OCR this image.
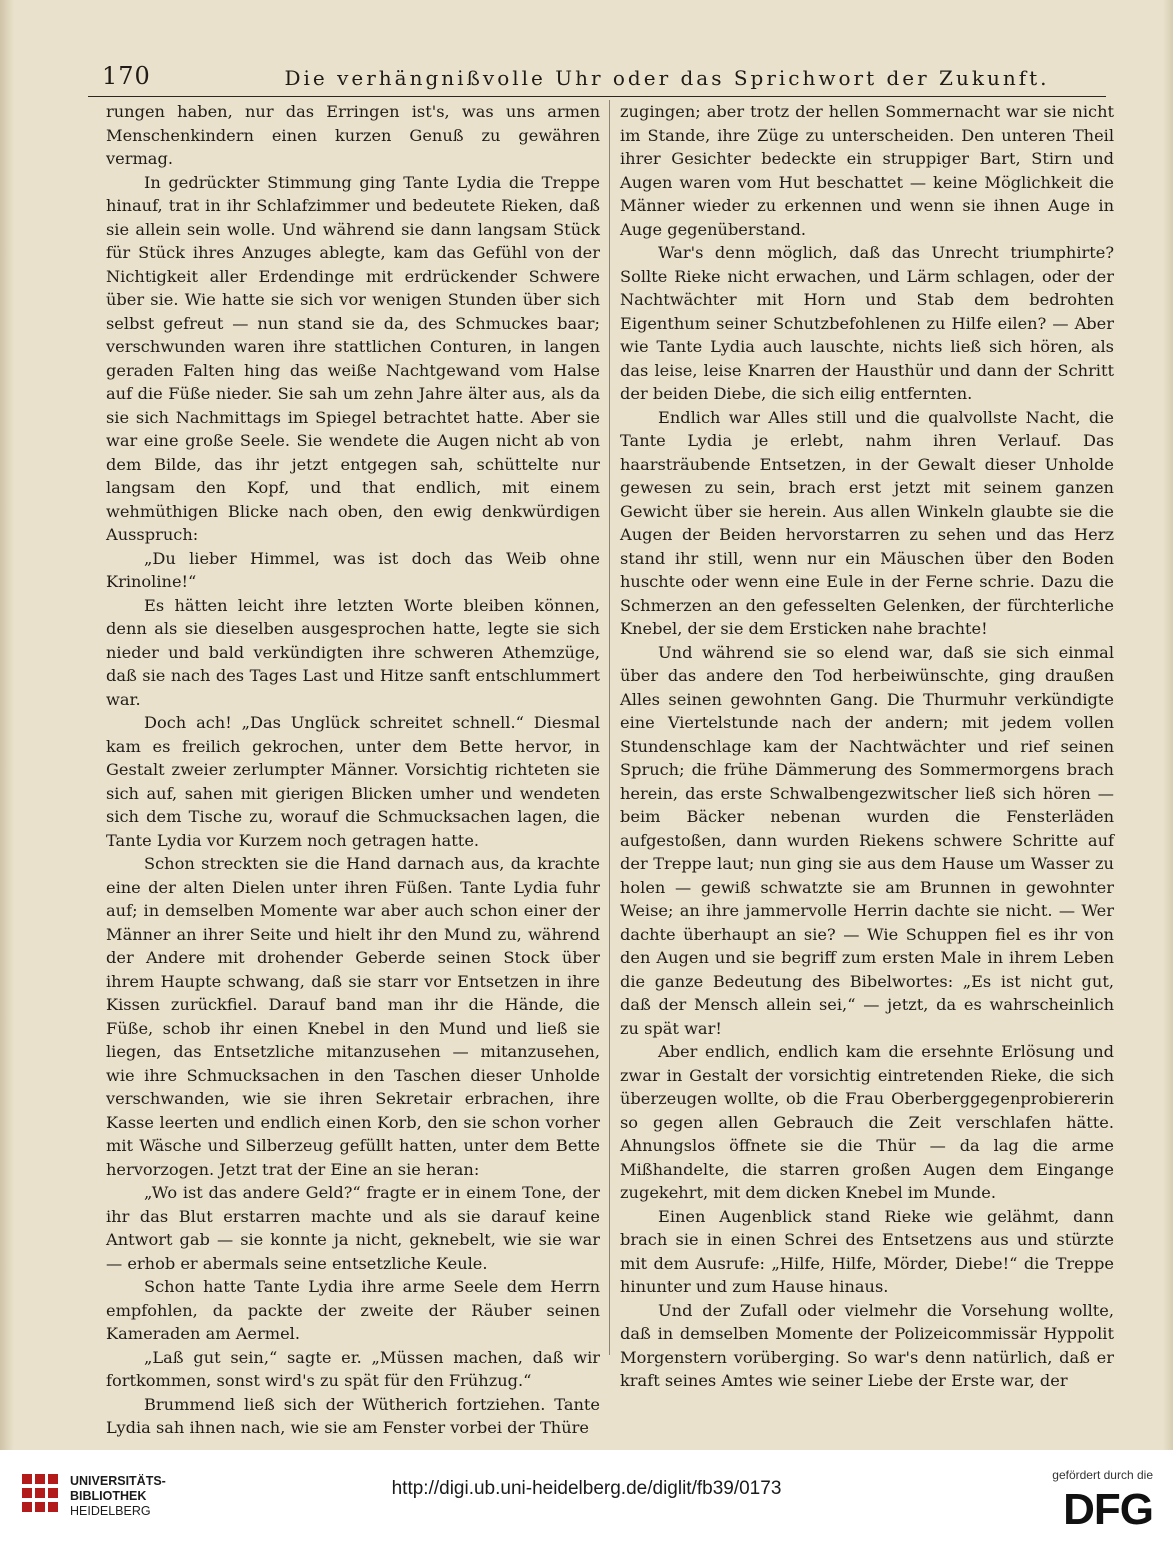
170	Die verhängnißvolle Uhr oder das Sprichwort der Zukunft.

rungen haben, nur das Erringen ist's, was uns armen Menschenkindern einen kurzen Genuß zu gewähren vermag.

In gedrückter Stimmung ging Tante Lydia die Treppe hinauf, trat in ihr Schlafzimmer und bedeutete Rieken, daß sie allein sein wolle. Und während sie dann langsam Stück für Stück ihres Anzuges ablegte, kam das Gefühl von der Nichtigkeit aller Erdendinge mit erdrückender Schwere über sie. Wie hatte sie sich vor wenigen Stunden über sich selbst gefreut — nun stand sie da, des Schmuckes baar; verschwunden waren ihre stattlichen Conturen, in langen geraden Falten hing das weiße Nachtgewand vom Halse auf die Füße nieder. Sie sah um zehn Jahre älter aus, als da sie sich Nachmittags im Spiegel betrachtet hatte. Aber sie war eine große Seele. Sie wendete die Augen nicht ab von dem Bilde, das ihr jetzt entgegen sah, schüttelte nur langsam den Kopf, und that endlich, mit einem wehmüthigen Blicke nach oben, den ewig denkwürdigen Ausspruch:

„Du lieber Himmel, was ist doch das Weib ohne Krinoline!“

Es hätten leicht ihre letzten Worte bleiben können, denn als sie dieselben ausgesprochen hatte, legte sie sich nieder und bald verkündigten ihre schweren Athemzüge, daß sie nach des Tages Last und Hitze sanft entschlummert war.

Doch ach! „Das Unglück schreitet schnell.“ Diesmal kam es freilich gekrochen, unter dem Bette hervor, in Gestalt zweier zerlumpter Männer. Vorsichtig richteten sie sich auf, sahen mit gierigen Blicken umher und wendeten sich dem Tische zu, worauf die Schmucksachen lagen, die Tante Lydia vor Kurzem noch getragen hatte.

Schon streckten sie die Hand darnach aus, da krachte eine der alten Dielen unter ihren Füßen. Tante Lydia fuhr auf; in demselben Momente war aber auch schon einer der Männer an ihrer Seite und hielt ihr den Mund zu, während der Andere mit drohender Geberde seinen Stock über ihrem Haupte schwang, daß sie starr vor Entsetzen in ihre Kissen zurückfiel. Darauf band man ihr die Hände, die Füße, schob ihr einen Knebel in den Mund und ließ sie liegen, das Entsetzliche mitanzusehen — mitanzusehen, wie ihre Schmucksachen in den Taschen dieser Unholde verschwanden, wie sie ihren Sekretair erbrachen, ihre Kasse leerten und endlich einen Korb, den sie schon vorher mit Wäsche und Silberzeug gefüllt hatten, unter dem Bette hervorzogen. Jetzt trat der Eine an sie heran:

„Wo ist das andere Geld?“ fragte er in einem Tone, der ihr das Blut erstarren machte und als sie darauf keine Antwort gab — sie konnte ja nicht, geknebelt, wie sie war — erhob er abermals seine entsetzliche Keule.

Schon hatte Tante Lydia ihre arme Seele dem Herrn empfohlen, da packte der zweite der Räuber seinen Kameraden am Aermel.

„Laß gut sein,“ sagte er. „Müssen machen, daß wir fortkommen, sonst wird's zu spät für den Frühzug.“

Brummend ließ sich der Wütherich fortziehen. Tante Lydia sah ihnen nach, wie sie am Fenster vorbei der Thüre

zugingen; aber trotz der hellen Sommernacht war sie nicht im Stande, ihre Züge zu unterscheiden. Den unteren Theil ihrer Gesichter bedeckte ein struppiger Bart, Stirn und Augen waren vom Hut beschattet — keine Möglichkeit die Männer wieder zu erkennen und wenn sie ihnen Auge in Auge gegenüberstand.

War's denn möglich, daß das Unrecht triumphirte? Sollte Rieke nicht erwachen, und Lärm schlagen, oder der Nachtwächter mit Horn und Stab dem bedrohten Eigenthum seiner Schutzbefohlenen zu Hilfe eilen? — Aber wie Tante Lydia auch lauschte, nichts ließ sich hören, als das leise, leise Knarren der Hausthür und dann der Schritt der beiden Diebe, die sich eilig entfernten.

Endlich war Alles still und die qualvollste Nacht, die Tante Lydia je erlebt, nahm ihren Verlauf. Das haarsträubende Entsetzen, in der Gewalt dieser Unholde gewesen zu sein, brach erst jetzt mit seinem ganzen Gewicht über sie herein. Aus allen Winkeln glaubte sie die Augen der Beiden hervorstarren zu sehen und das Herz stand ihr still, wenn nur ein Mäuschen über den Boden huschte oder wenn eine Eule in der Ferne schrie. Dazu die Schmerzen an den gefesselten Gelenken, der fürchterliche Knebel, der sie dem Ersticken nahe brachte!

Und während sie so elend war, daß sie sich einmal über das andere den Tod herbeiwünschte, ging draußen Alles seinen gewohnten Gang. Die Thurmuhr verkündigte eine Viertelstunde nach der andern; mit jedem vollen Stundenschlage kam der Nachtwächter und rief seinen Spruch; die frühe Dämmerung des Sommermorgens brach herein, das erste Schwalbengezwitscher ließ sich hören — beim Bäcker nebenan wurden die Fensterläden aufgestoßen, dann wurden Riekens schwere Schritte auf der Treppe laut; nun ging sie aus dem Hause um Wasser zu holen — gewiß schwatzte sie am Brunnen in gewohnter Weise; an ihre jammervolle Herrin dachte sie nicht. — Wer dachte überhaupt an sie? — Wie Schuppen fiel es ihr von den Augen und sie begriff zum ersten Male in ihrem Leben die ganze Bedeutung des Bibelwortes: „Es ist nicht gut, daß der Mensch allein sei,“ — jetzt, da es wahrscheinlich zu spät war!

Aber endlich, endlich kam die ersehnte Erlösung und zwar in Gestalt der vorsichtig eintretenden Rieke, die sich überzeugen wollte, ob die Frau Oberberggegenprobiererin so gegen allen Gebrauch die Zeit verschlafen hätte. Ahnungslos öffnete sie die Thür — da lag die arme Mißhandelte, die starren großen Augen dem Eingange zugekehrt, mit dem dicken Knebel im Munde.

Einen Augenblick stand Rieke wie gelähmt, dann brach sie in einen Schrei des Entsetzens aus und stürzte mit dem Ausrufe: „Hilfe, Hilfe, Mörder, Diebe!“ die Treppe hinunter und zum Hause hinaus.

Und der Zufall oder vielmehr die Vorsehung wollte, daß in demselben Momente der Polizeicommissär Hyppolit Morgenstern vorüberging. So war's denn natürlich, daß er kraft seines Amtes wie seiner Liebe der Erste war, der

UNIVERSITÄTS-
BIBLIOTHEK
HEIDELBERG
http://digi.ub.uni-heidelberg.de/diglit/fb39/0173
gefördert durch die
DFG
